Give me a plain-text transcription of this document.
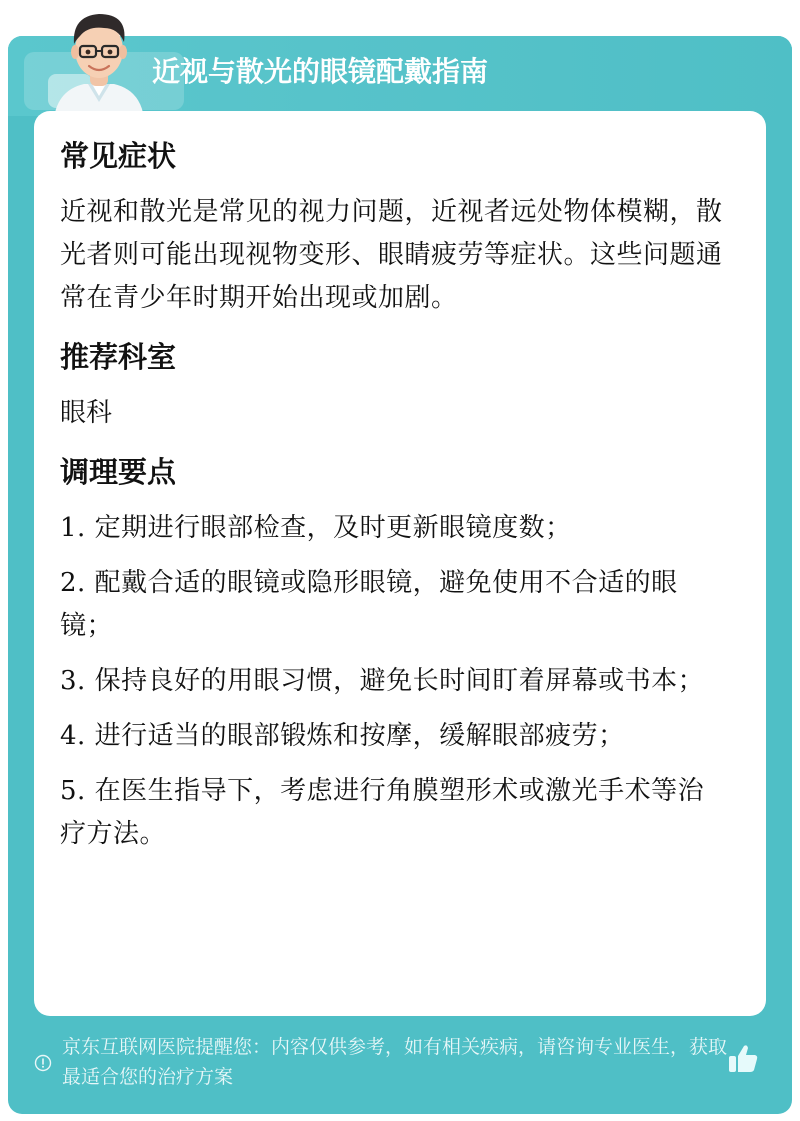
近视与散光的眼镜配戴指南
常见症状
近视和散光是常见的视力问题，近视者远处物体模糊，散光者则可能出现视物变形、眼睛疲劳等症状。这些问题通常在青少年时期开始出现或加剧。
推荐科室
眼科
调理要点
1. 定期进行眼部检查，及时更新眼镜度数；
2. 配戴合适的眼镜或隐形眼镜，避免使用不合适的眼镜；
3. 保持良好的用眼习惯，避免长时间盯着屏幕或书本；
4. 进行适当的眼部锻炼和按摩，缓解眼部疲劳；
5. 在医生指导下，考虑进行角膜塑形术或激光手术等治疗方法。
京东互联网医院提醒您：内容仅供参考，如有相关疾病，请咨询专业医生，获取最适合您的治疗方案
